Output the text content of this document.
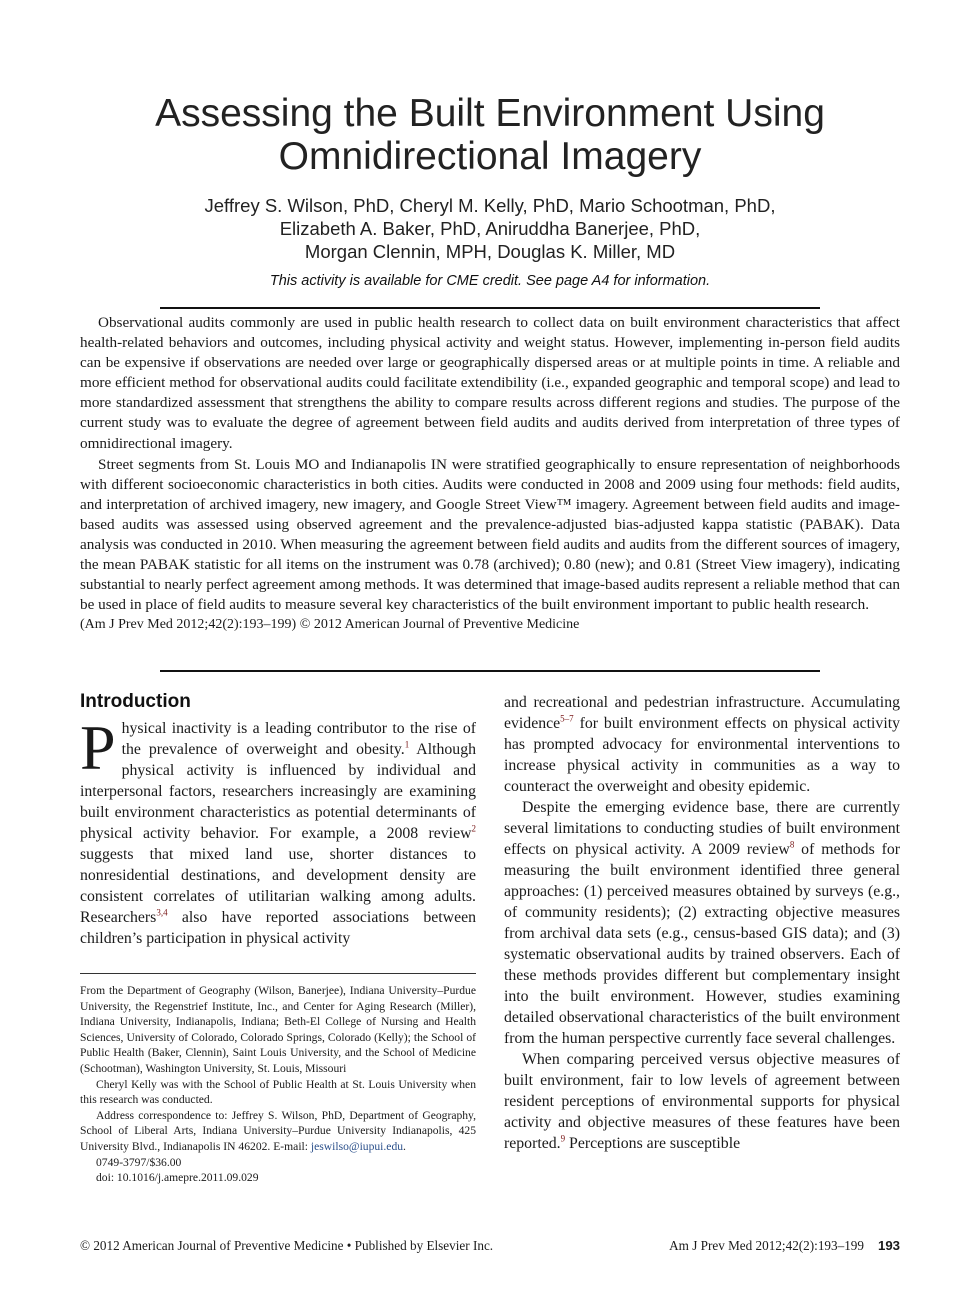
Assessing the Built Environment Using
Omnidirectional Imagery
Jeffrey S. Wilson, PhD, Cheryl M. Kelly, PhD, Mario Schootman, PhD,
Elizabeth A. Baker, PhD, Aniruddha Banerjee, PhD,
Morgan Clennin, MPH, Douglas K. Miller, MD
This activity is available for CME credit. See page A4 for information.

Observational audits commonly are used in public health research to collect data on built environment characteristics that affect health-related behaviors and outcomes, including physical activity and weight status. However, implementing in-person field audits can be expensive if observations are needed over large or geographically dispersed areas or at multiple points in time. A reliable and more efficient method for observational audits could facilitate extendibility (i.e., expanded geographic and temporal scope) and lead to more standardized assessment that strengthens the ability to compare results across different regions and studies. The purpose of the current study was to evaluate the degree of agreement between field audits and audits derived from interpretation of three types of omnidirectional imagery.

Street segments from St. Louis MO and Indianapolis IN were stratified geographically to ensure representation of neighborhoods with different socioeconomic characteristics in both cities. Audits were conducted in 2008 and 2009 using four methods: field audits, and interpretation of archived imagery, new imagery, and Google Street View™ imagery. Agreement between field audits and image-based audits was assessed using observed agreement and the prevalence-adjusted bias-adjusted kappa statistic (PABAK). Data analysis was conducted in 2010. When measuring the agreement between field audits and audits from the different sources of imagery, the mean PABAK statistic for all items on the instrument was 0.78 (archived); 0.80 (new); and 0.81 (Street View imagery), indicating substantial to nearly perfect agreement among methods. It was determined that image-based audits represent a reliable method that can be used in place of field audits to measure several key characteristics of the built environment important to public health research.

(Am J Prev Med 2012;42(2):193–199) © 2012 American Journal of Preventive Medicine
Introduction

Physical inactivity is a leading contributor to the rise of the prevalence of overweight and obesity.$^1$ Although physical activity is influenced by individual and interpersonal factors, researchers increasingly are examining built environment characteristics as potential determinants of physical activity behavior. For example, a 2008 review$^2$ suggests that mixed land use, shorter distances to nonresidential destinations, and development density are consistent correlates of utilitarian walking among adults. Researchers$^{3,4}$ also have reported associations between children’s participation in physical activity

and recreational and pedestrian infrastructure. Accumulating evidence$^{5-7}$ for built environment effects on physical activity has prompted advocacy for environmental interventions to increase physical activity in communities as a way to counteract the overweight and obesity epidemic.

Despite the emerging evidence base, there are currently several limitations to conducting studies of built environment effects on physical activity. A 2009 review$^8$ of methods for measuring the built environment identified three general approaches: (1) perceived measures obtained by surveys (e.g., of community residents); (2) extracting objective measures from archival data sets (e.g., census-based GIS data); and (3) systematic observational audits by trained observers. Each of these methods provides different but complementary insight into the built environment. However, studies examining detailed observational characteristics of the built environment from the human perspective currently face several challenges.

When comparing perceived versus objective measures of built environment, fair to low levels of agreement between resident perceptions of environmental supports for physical activity and objective measures of these features have been reported.$^9$ Perceptions are susceptible

From the Department of Geography (Wilson, Banerjee), Indiana University–Purdue University, the Regenstrief Institute, Inc., and Center for Aging Research (Miller), Indiana University, Indianapolis, Indiana; Beth-El College of Nursing and Health Sciences, University of Colorado, Colorado Springs, Colorado (Kelly); the School of Public Health (Baker, Clennin), Saint Louis University, and the School of Medicine (Schootman), Washington University, St. Louis, Missouri

Cheryl Kelly was with the School of Public Health at St. Louis University when this research was conducted.

Address correspondence to: Jeffrey S. Wilson, PhD, Department of Geography, School of Liberal Arts, Indiana University–Purdue University Indianapolis, 425 University Blvd., Indianapolis IN 46202. E-mail: jeswilso@iupui.edu.

0749-3797/$36.00

doi: 10.1016/j.amepre.2011.09.029

© 2012 American Journal of Preventive Medicine • Published by Elsevier Inc.	Am J Prev Med 2012;42(2):193–199 193
